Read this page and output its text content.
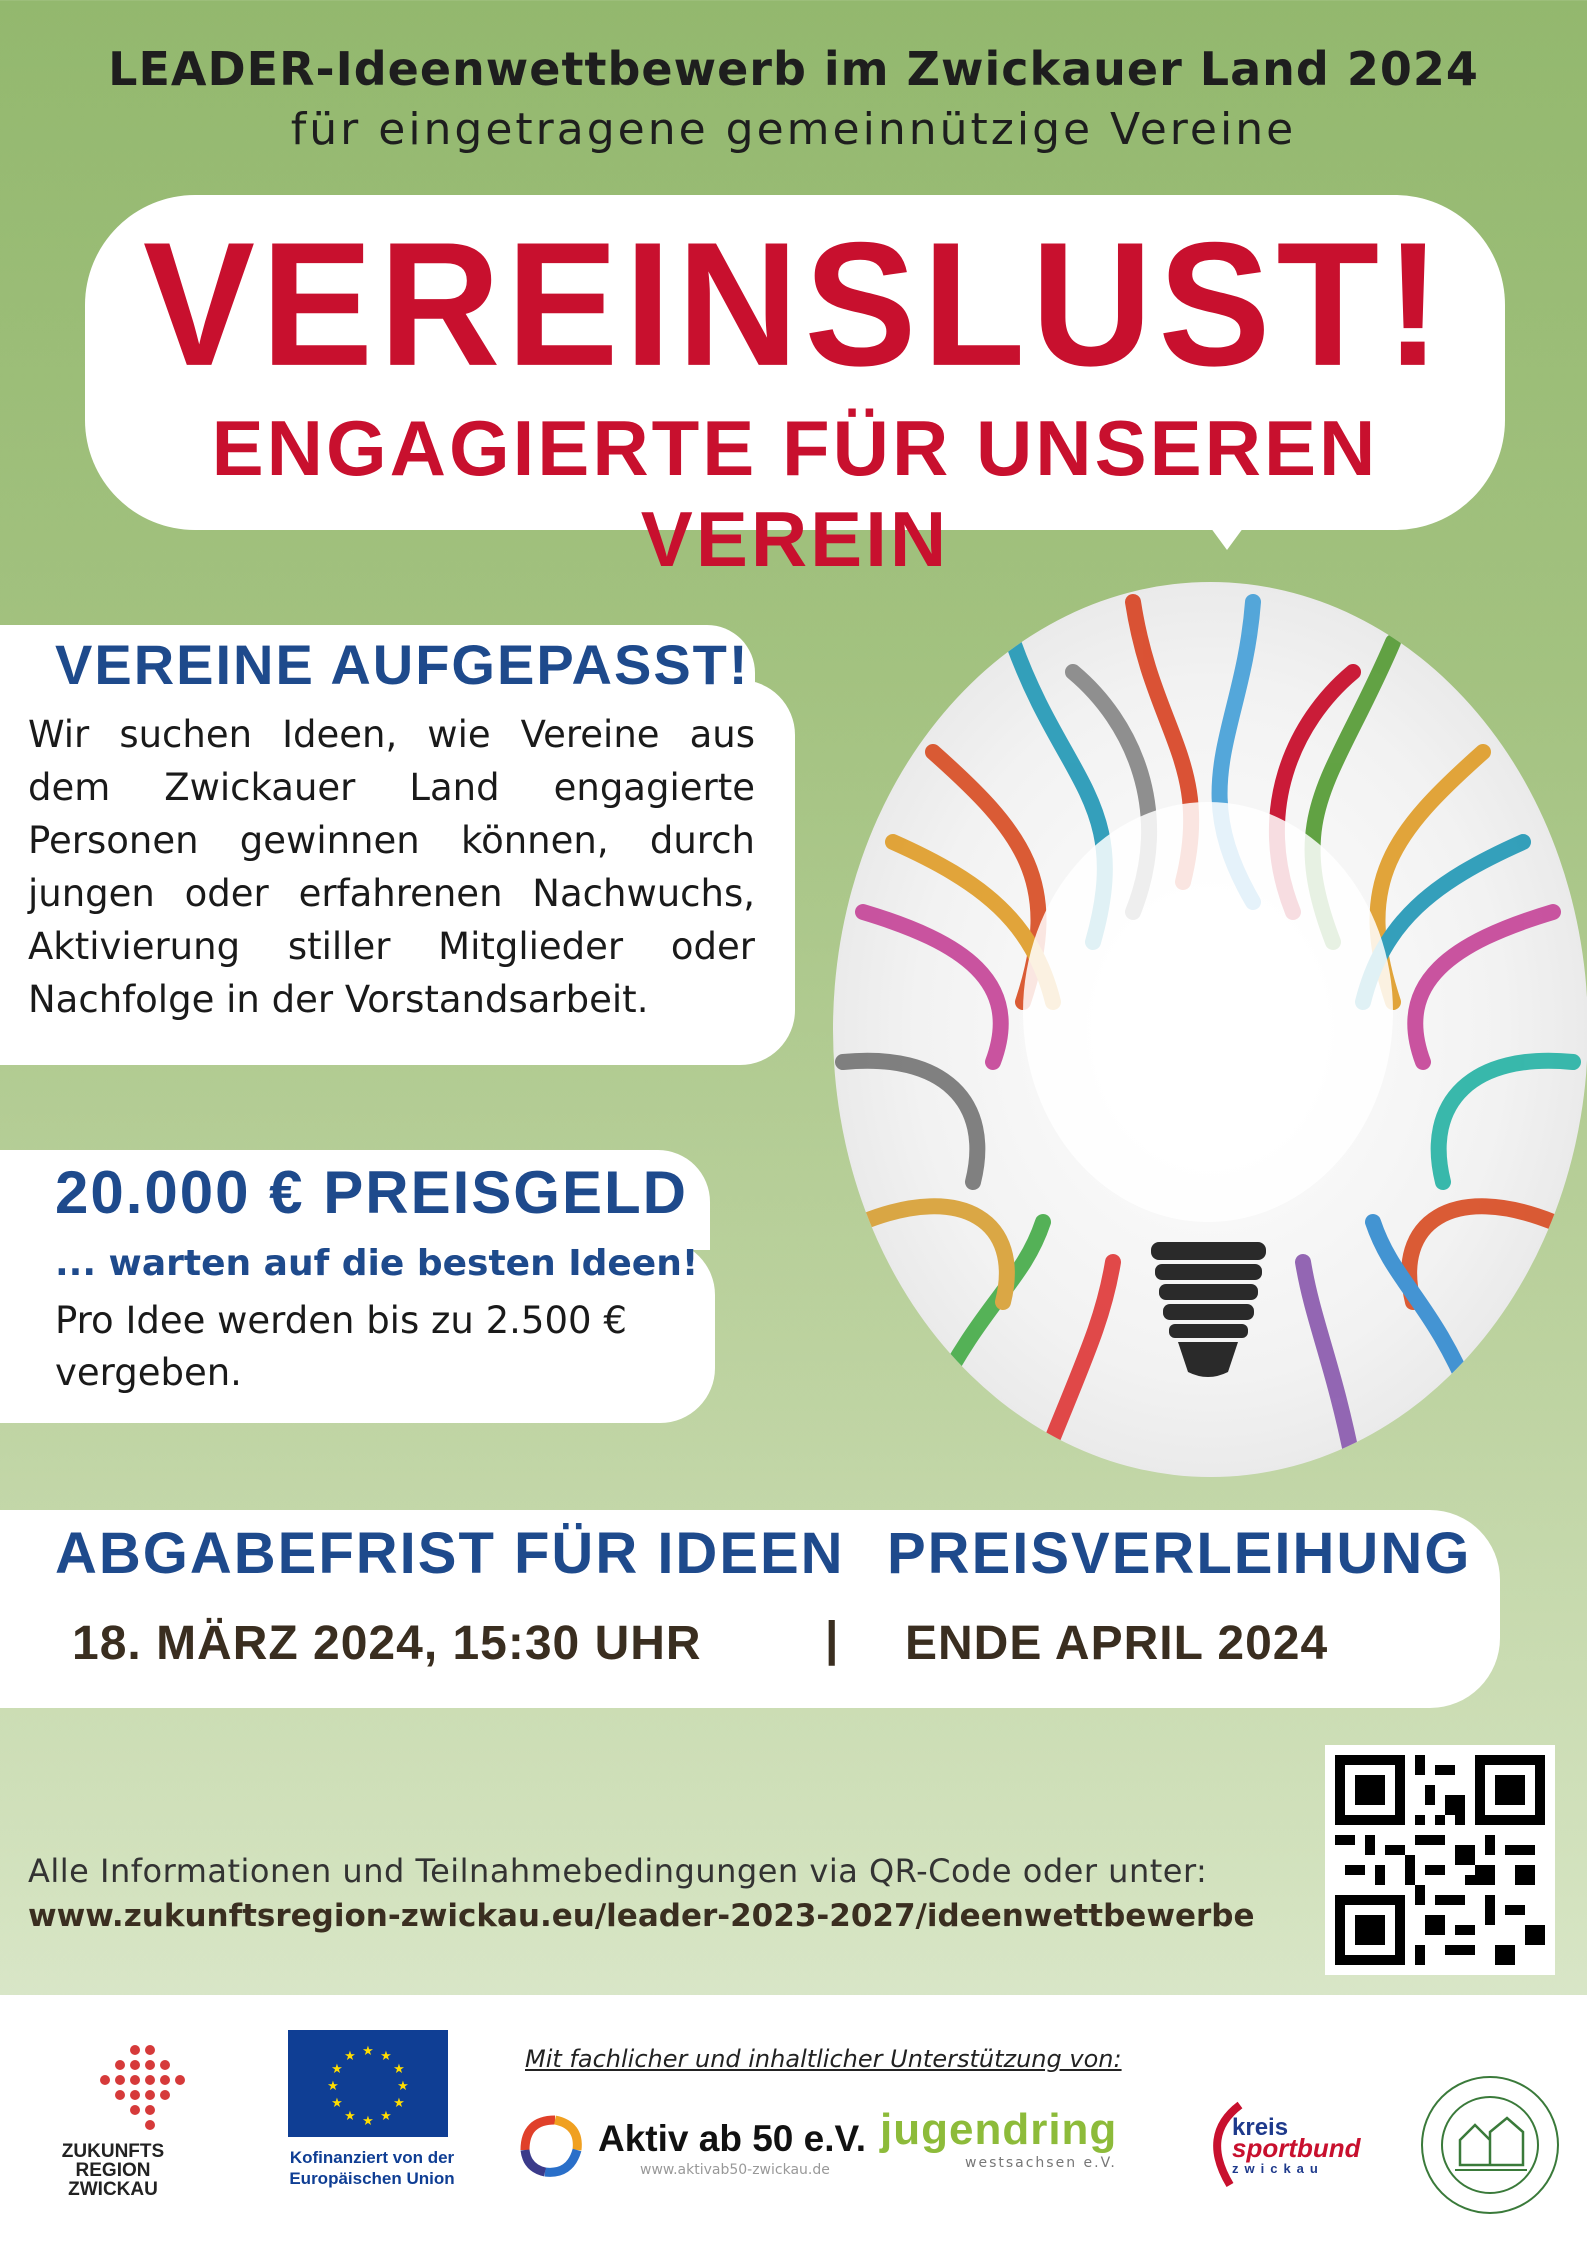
LEADER-Ideenwettbewerb im Zwickauer Land 2024
für eingetragene gemeinnützige Vereine
VEREINSLUST!
ENGAGIERTE FÜR UNSEREN VEREIN
VEREINE AUFGEPASST!
Wir suchen Ideen, wie Vereine aus dem Zwickauer Land engagierte Personen gewinnen können, durch jungen oder erfahrenen Nachwuchs, Aktivierung stiller Mitglieder oder Nachfolge in der Vorstandsarbeit.
20.000 € PREISGELD
... warten auf die besten Ideen!
Pro Idee werden bis zu 2.500 € vergeben.
ABGABEFRIST FÜR IDEEN PREISVERLEIHUNG
18. MÄRZ 2024, 15:30 UHR	| ENDE APRIL 2024
Alle Informationen und Teilnahmebedingungen via QR-Code oder unter:
www.zukunftsregion-zwickau.eu/leader-2023-2027/ideenwettbewerbe
Mit fachlicher und inhaltlicher Unterstützung von:
ZUKUNFTS REGION ZWICKAU
★ ★
★
★
★
★
★
★
★
★
★
★
Kofinanziert von der
Europäischen Union
Aktiv ab 50 e.V.
www.aktivab50-zwickau.de
jugendring
westsachsen e.V.
kreis
sportbund
zwickau
